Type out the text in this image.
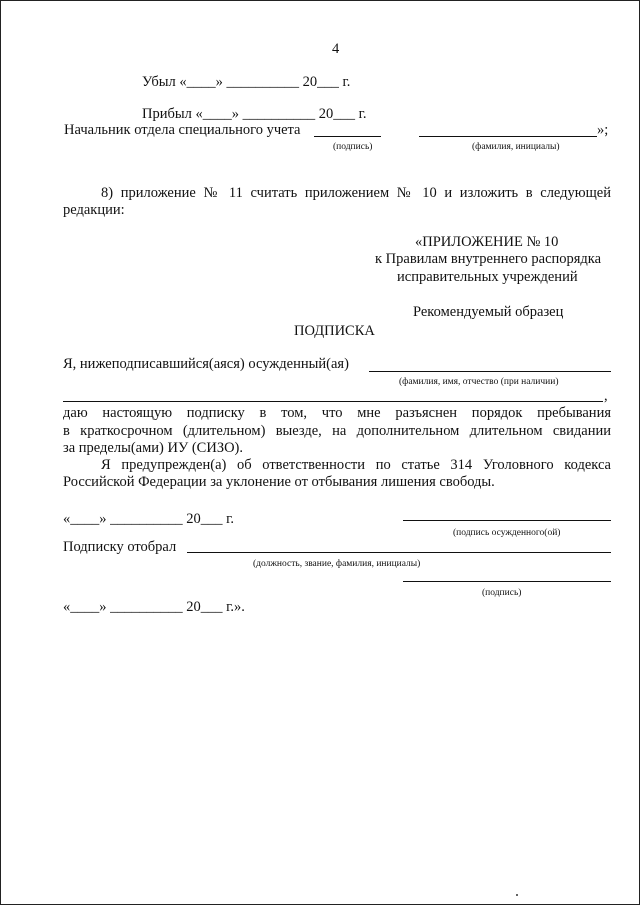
4
Убыл «____» __________ 20___ г.
Прибыл «____» __________ 20___ г.
Начальник отдела специального учета	»;
(подпись)	(фамилия, инициалы)
8) приложение № 11 считать приложением № 10 и изложить в следующей
редакции:
«ПРИЛОЖЕНИЕ № 10
к Правилам внутреннего распорядка
исправительных учреждений
Рекомендуемый образец
ПОДПИСКА
Я, нижеподписавшийся(аяся) осужденный(ая)
(фамилия, имя, отчество (при наличии)
,
даю настоящую подписку в том, что мне разъяснен порядок пребывания
в краткосрочном (длительном) выезде, на дополнительном длительном свидании
за пределы(ами) ИУ (СИЗО).
Я предупрежден(а) об ответственности по статье 314 Уголовного кодекса
Российской Федерации за уклонение от отбывания лишения свободы.
«____» __________ 20___ г.
(подпись осужденного(ой)
Подписку отобрал
(должность, звание, фамилия, инициалы)
(подпись)
«____» __________ 20___ г.».
